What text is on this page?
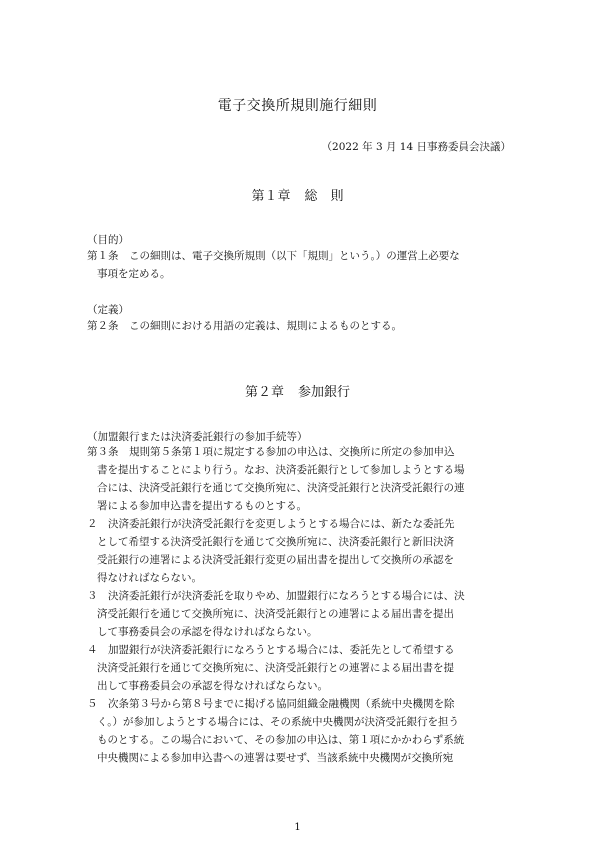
電子交換所規則施行細則
（2022 年 3 月 14 日事務委員会決議）
第１章 総　則
（目的）
第１条　この細則は、電子交換所規則（以下「規則」という。）の運営上必要な
事項を定める。
（定義）
第２条　この細則における用語の定義は、規則によるものとする。
第２章 参加銀行
（加盟銀行または決済委託銀行の参加手続等）
第３条　規則第５条第１項に規定する参加の申込は、交換所に所定の参加申込
書を提出することにより行う。なお、決済委託銀行として参加しようとする場
合には、決済受託銀行を通じて交換所宛に、決済受託銀行と決済受託銀行の連
署による参加申込書を提出するものとする。
２　決済委託銀行が決済受託銀行を変更しようとする場合には、新たな委託先
として希望する決済受託銀行を通じて交換所宛に、決済委託銀行と新旧決済
受託銀行の連署による決済受託銀行変更の届出書を提出して交換所の承認を
得なければならない。
３　決済委託銀行が決済委託を取りやめ、加盟銀行になろうとする場合には、決
済受託銀行を通じて交換所宛に、決済受託銀行との連署による届出書を提出
して事務委員会の承認を得なければならない。
４　加盟銀行が決済委託銀行になろうとする場合には、委託先として希望する
決済受託銀行を通じて交換所宛に、決済受託銀行との連署による届出書を提
出して事務委員会の承認を得なければならない。
５　次条第３号から第８号までに掲げる協同組織金融機関（系統中央機関を除
く。）が参加しようとする場合には、その系統中央機関が決済受託銀行を担う
ものとする。この場合において、その参加の申込は、第１項にかかわらず系統
中央機関による参加申込書への連署は要せず、当該系統中央機関が交換所宛
1
